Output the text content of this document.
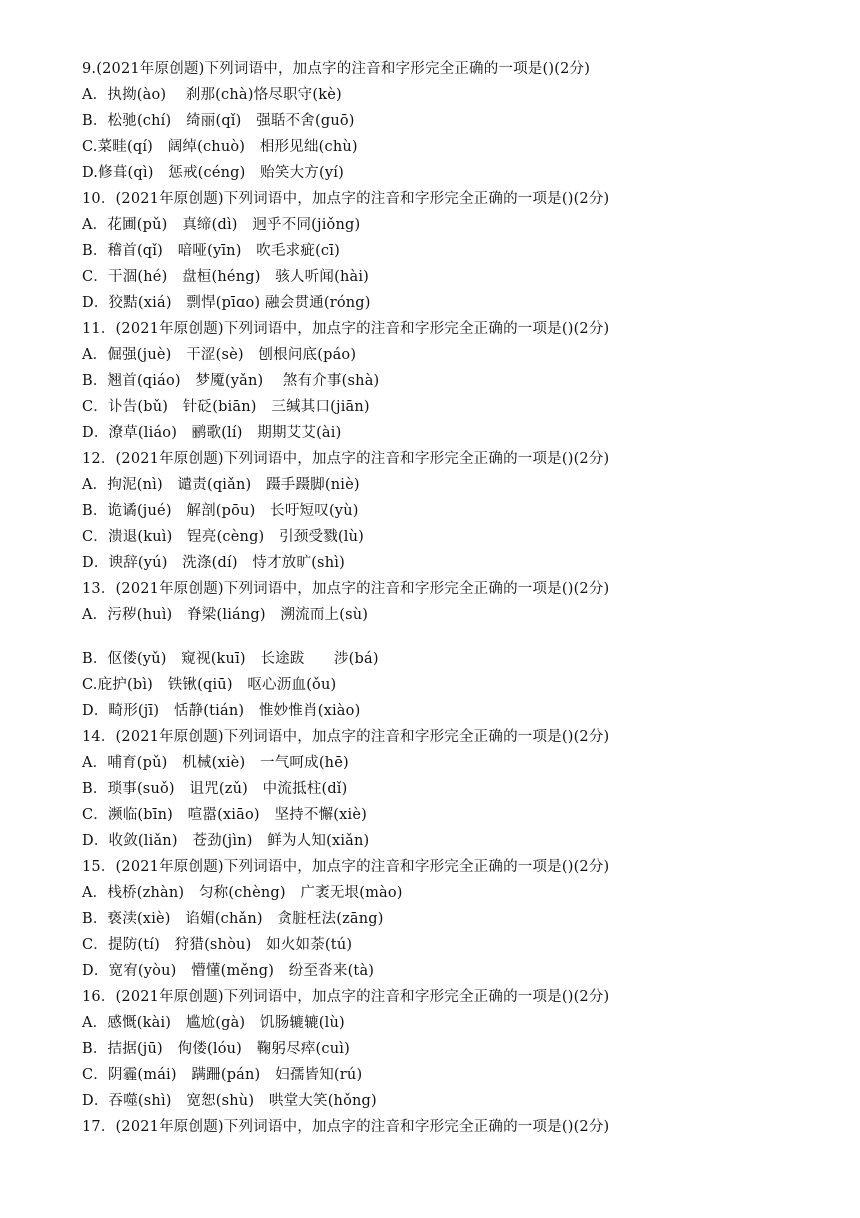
9.(2021年原创题)下列词语中，加点字的注音和字形完全正确的一项是()(2分)
A．执拗(ào)　 刹那(chà)恪尽职守(kè)
B．松驰(chí)　绮丽(qǐ)　强聒不舍(guō)
C.菜畦(qí)　阔绰(chuò)　相形见绌(chù)
D.修葺(qì)　惩戒(céng)　贻笑大方(yí)
10．(2021年原创题)下列词语中，加点字的注音和字形完全正确的一项是()(2分)
A．花圃(pǔ)　真缔(dì)　迥乎不同(jiǒng)
B．稽首(qǐ)　喑哑(yīn)　吹毛求疵(cī)
C．干涸(hé)　盘桓(héng)　骇人听闻(hài)
D．狡黠(xiá)　剽悍(pīɑo) 融会贯通(róng)
11．(2021年原创题)下列词语中，加点字的注音和字形完全正确的一项是()(2分)
A．倔强(juè)　干涩(sè)　刨根问底(páo)
B．翘首(qiáo)　梦魇(yǎn)　 煞有介事(shà)
C．讣告(bǔ)　针砭(biān)　三缄其口(jiān)
D．潦草(liáo)　鹂歌(lí)　期期艾艾(ài)
12．(2021年原创题)下列词语中，加点字的注音和字形完全正确的一项是()(2分)
A．拘泥(nì)　谴责(qiǎn)　蹑手蹑脚(niè)
B．诡谲(jué)　解剖(pōu)　长吁短叹(yù)
C．溃退(kuì)　锃亮(cèng)　引颈受戮(lù)
D．谀辞(yú)　洗涤(dí)　恃才放旷(shì)
13．(2021年原创题)下列词语中，加点字的注音和字形完全正确的一项是()(2分)
A．污秽(huì)　脊梁(liáng)　溯流而上(sù)
B．伛偻(yǔ)　窥视(kuī)　长途跋　　涉(bá)
C.庇护(bì)　铁锹(qiū)　呕心沥血(ǒu)
D．畸形(jī)　恬静(tián)　惟妙惟肖(xiào)
14．(2021年原创题)下列词语中，加点字的注音和字形完全正确的一项是()(2分)
A．哺育(pǔ)　机械(xiè)　一气呵成(hē)
B．琐事(suǒ)　诅咒(zǔ)　中流抵柱(dǐ)
C．濒临(bīn)　喧嚣(xiāo)　坚持不懈(xiè)
D．收敛(liǎn)　苍劲(jìn)　鲜为人知(xiǎn)
15．(2021年原创题)下列词语中，加点字的注音和字形完全正确的一项是()(2分)
A．栈桥(zhàn)　匀称(chèng)　广袤无垠(mào)
B．亵渎(xiè)　谄媚(chǎn)　贪脏枉法(zāng)
C．提防(tí)　狩猎(shòu)　如火如荼(tú)
D．宽宥(yòu)　懵懂(měng)　纷至沓来(tà)
16．(2021年原创题)下列词语中，加点字的注音和字形完全正确的一项是()(2分)
A．感慨(kài)　尴尬(gà)　饥肠辘辘(lù)
B．拮据(jū)　佝偻(lóu)　鞠躬尽瘁(cuì)
C．阴霾(mái)　蹒跚(pán)　妇孺皆知(rú)
D．吞噬(shì)　宽恕(shù)　哄堂大笑(hǒng)
17．(2021年原创题)下列词语中，加点字的注音和字形完全正确的一项是()(2分)
